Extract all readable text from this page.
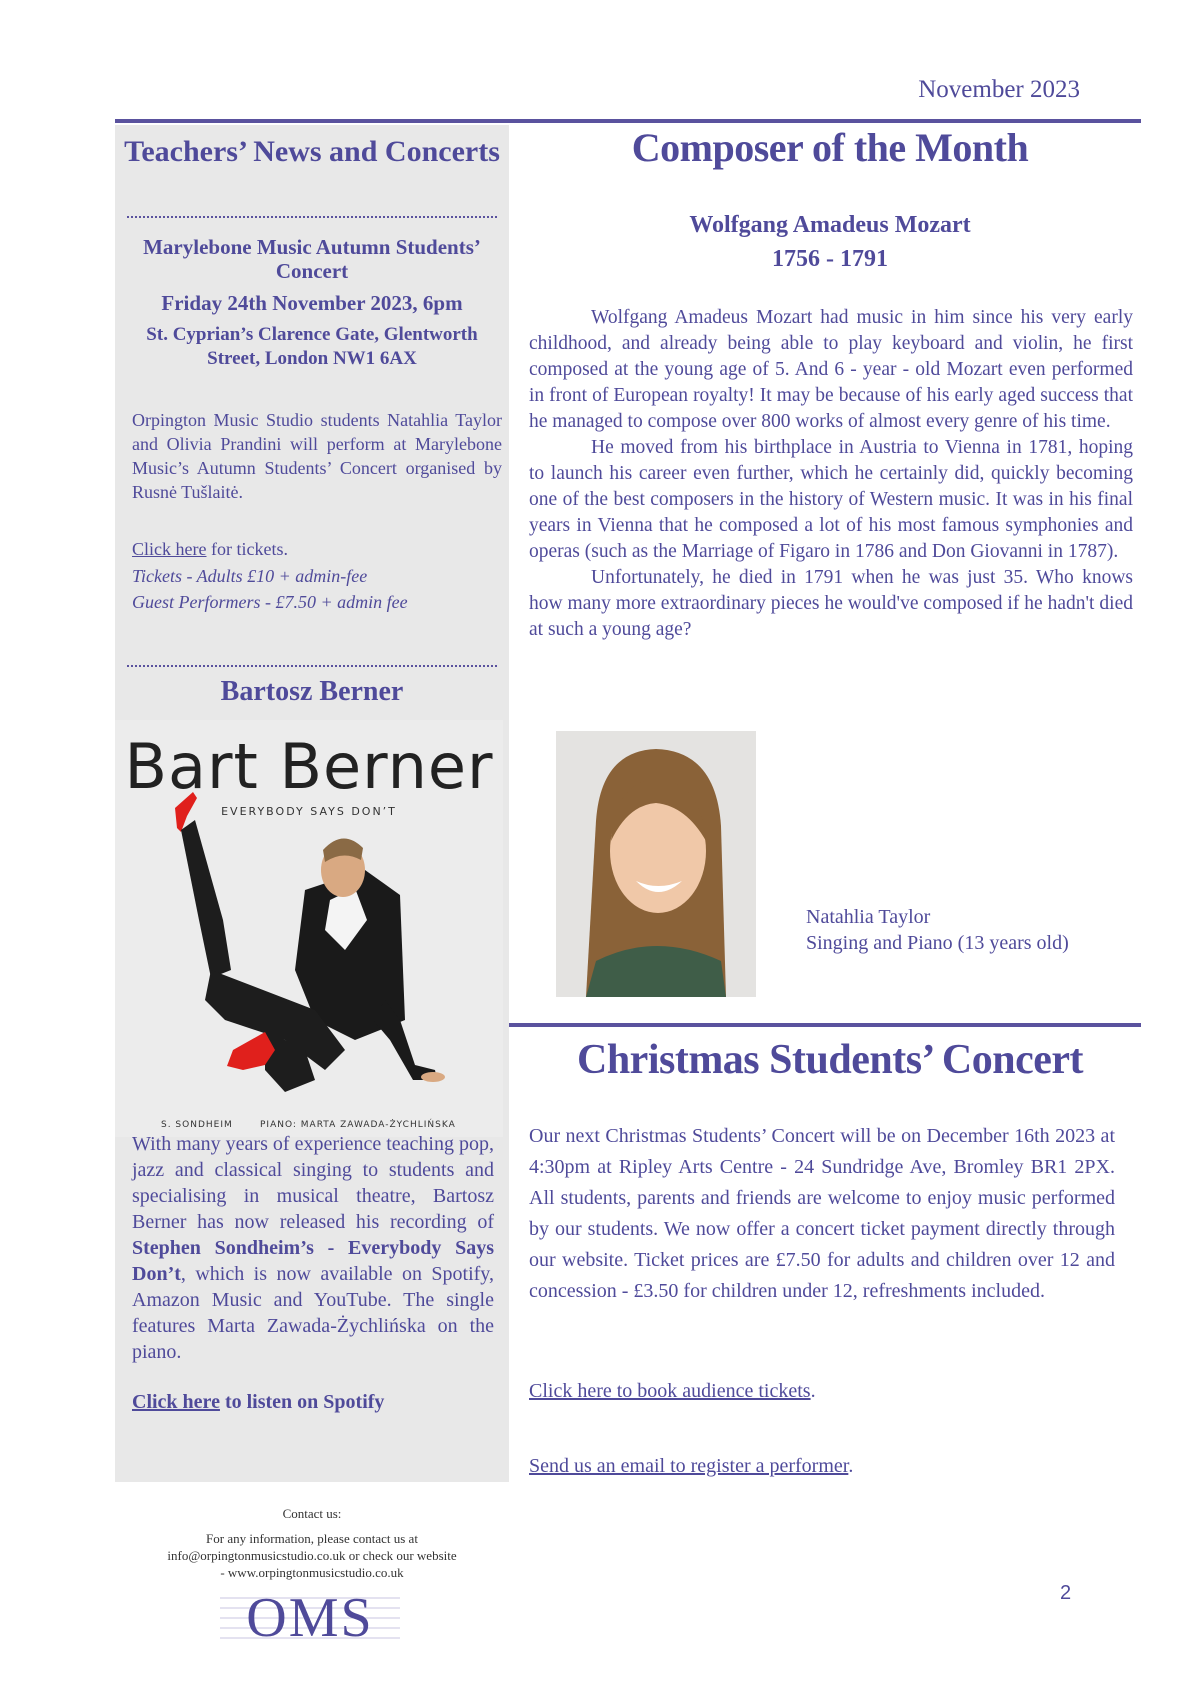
November 2023
Teachers’ News and Concerts
Marylebone Music Autumn Students’ Concert
Friday 24th November 2023, 6pm
St. Cyprian’s Clarence Gate, Glentworth Street, London NW1 6AX
Orpington Music Studio students Natahlia Taylor and Olivia Prandini will perform at Marylebone Music’s Autumn Students’ Concert organised by Rusnė Tušlaitė.
Click here for tickets.
Tickets - Adults £10 + admin-fee
Guest Performers - £7.50 + admin fee
Bartosz Berner
Bart Berner
EVERYBODY SAYS DON’T
S. SONDHEIM	PIANO: MARTA ZAWADA-ŻYCHLIŃSKA
With many years of experience teaching pop, jazz and classical singing to students and specialising in musical theatre, Bartosz Berner has now released his recording of Stephen Sondheim’s - Everybody Says Don’t, which is now available on Spotify, Amazon Music and YouTube. The single features Marta Zawada-Żychlińska on the piano.
Click here to listen on Spotify
Contact us:
For any information, please contact us at info@orpingtonmusicstudio.co.uk or check our website - www.orpingtonmusicstudio.co.uk
OMS
Composer of the Month
Wolfgang Amadeus Mozart
1756 - 1791

Wolfgang Amadeus Mozart had music in him since his very early childhood, and already being able to play keyboard and violin, he first composed at the young age of 5. And 6 - year - old Mozart even performed in front of European royalty! It may be because of his early aged success that he managed to compose over 800 works of almost every genre of his time.

He moved from his birthplace in Austria to Vienna in 1781, hoping to launch his career even further, which he certainly did, quickly becoming one of the best composers in the history of Western music. It was in his final years in Vienna that he composed a lot of his most famous symphonies and operas (such as the Marriage of Figaro in 1786 and Don Giovanni in 1787).

Unfortunately, he died in 1791 when he was just 35. Who knows how many more extraordinary pieces he would've composed if he hadn't died at such a young age?

Natahlia Taylor
Singing and Piano (13 years old)
Christmas Students’ Concert
Our next Christmas Students’ Concert will be on December 16th 2023 at 4:30pm at Ripley Arts Centre - 24 Sundridge Ave, Bromley BR1 2PX. All students, parents and friends are welcome to enjoy music performed by our students. We now offer a concert ticket payment directly through our website. Ticket prices are £7.50 for adults and children over 12 and concession - £3.50 for children under 12, refreshments included.
Click here to book audience tickets.
Send us an email to register a performer.
2
